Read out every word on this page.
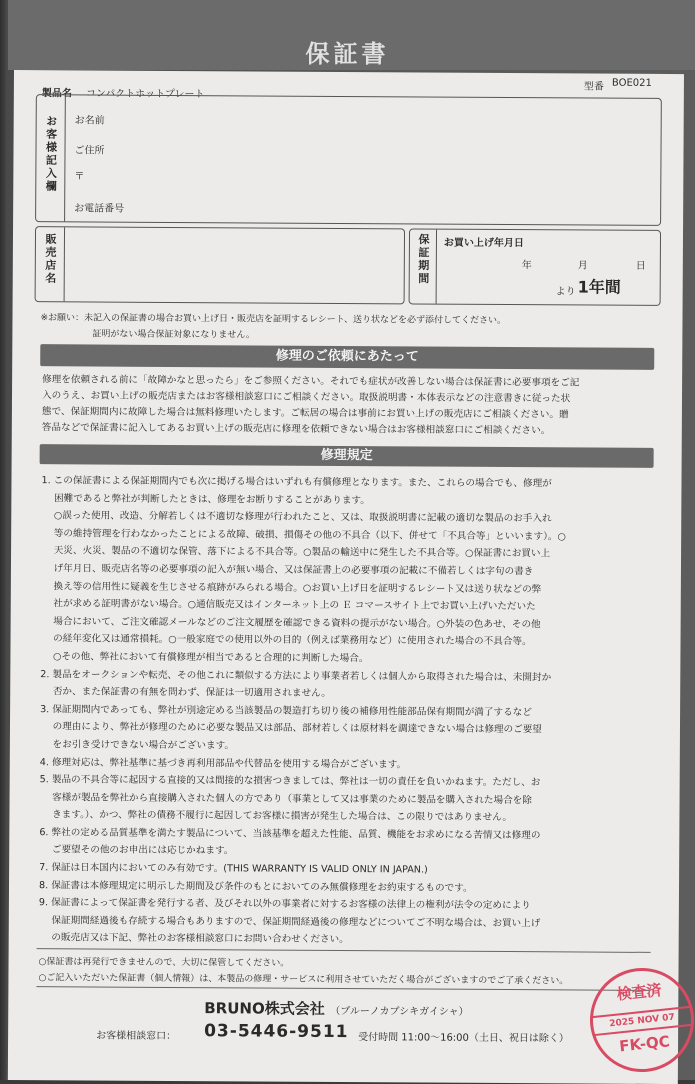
保証書
製品名 コンパクトホットプレート
型番 BOE021
お客様記入欄 お名前
ご住所
〒
お電話番号
販売店名	保証期間 お買い上げ年月日
年	月	日
より 1年間
※お願い：未記入の保証書の場合お買い上げ日・販売店を証明するレシート、送り状などを必ず添付してください。
証明がない場合保証対象になりません。
修理のご依頼にあたって
修理を依頼される前に「故障かなと思ったら」をご参照ください。それでも症状が改善しない場合は保証書に必要事項をご記
入のうえ、お買い上げの販売店またはお客様相談窓口にご相談ください。取扱説明書・本体表示などの注意書きに従った状
態で、保証期間内に故障した場合は無料修理いたします。ご転居の場合は事前にお買い上げの販売店にご相談ください。贈
答品などで保証書に記入してあるお買い上げの販売店に修理を依頼できない場合はお客様相談窓口にご相談ください。
修理規定
1. この保証書による保証期間内でも次に掲げる場合はいずれも有償修理となります。また、これらの場合でも、修理が
　 困難であると弊社が判断したときは、修理をお断りすることがあります。
　 ○誤った使用、改造、分解若しくは不適切な修理が行われたこと、又は、取扱説明書に記載の適切な製品のお手入れ
　 等の維持管理を行わなかったことによる故障、破損、損傷その他の不具合（以下、併せて「不具合等」といいます）。○
　 天災、火災、製品の不適切な保管、落下による不具合等。○製品の輸送中に発生した不具合等。○保証書にお買い上
　 げ年月日、販売店名等の必要事項の記入が無い場合、又は保証書上の必要事項の記載に不備若しくは字句の書き
　 換え等の信用性に疑義を生じさせる痕跡がみられる場合。○お買い上げ日を証明するレシート又は送り状などの弊
　 社が求める証明書がない場合。○通信販売又はインターネット上の Ｅ コマースサイト上でお買い上げいただいた
　 場合において、ご注文確認メールなどのご注文履歴を確認できる資料の提示がない場合。○外装の色あせ、その他
　 の経年変化又は通常損耗。○一般家庭での使用以外の目的（例えば業務用など）に使用された場合の不具合等。
　 ○その他、弊社において有償修理が相当であると合理的に判断した場合。
2. 製品をオークションや転売、その他これに類似する方法により事業者若しくは個人から取得された場合は、未開封か
　 否か、また保証書の有無を問わず、保証は一切適用されません。
3. 保証期間内であっても、弊社が別途定める当該製品の製造打ち切り後の補修用性能部品保有期間が満了するなど
　 の理由により、弊社が修理のために必要な製品又は部品、部材若しくは原材料を調達できない場合は修理のご要望
　 をお引き受けできない場合がございます。
4. 修理対応は、弊社基準に基づき再利用部品や代替品を使用する場合がございます。
5. 製品の不具合等に起因する直接的又は間接的な損害つきましては、弊社は一切の責任を負いかねます。ただし、お
　 客様が製品を弊社から直接購入された個人の方であり（事業として又は事業のために製品を購入された場合を除
　 きます。）、かつ、弊社の債務不履行に起因してお客様に損害が発生した場合は、この限りではありません。
6. 弊社の定める品質基準を満たす製品について、当該基準を超えた性能、品質、機能をお求めになる苦情又は修理の
　 ご要望その他のお申出には応じかねます。
7. 保証は日本国内においてのみ有効です。(THIS WARRANTY IS VALID ONLY IN JAPAN.)
8. 保証書は本修理規定に明示した期間及び条件のもとにおいてのみ無償修理をお約束するものです。
9. 保証書によって保証書を発行する者、及びそれ以外の事業者に対するお客様の法律上の権利が法令の定めにより
　 保証期間経過後も存続する場合もありますので、保証期間経過後の修理などについてご不明な場合は、お買い上げ
　 の販売店又は下記、弊社のお客様相談窓口にお問い合わせください。
○保証書は再発行できませんので、大切に保管してください。
○ご記入いただいた保証書（個人情報）は、本製品の修理・サービスに利用させていただく場合がございますのでご了承ください。
BRUNO株式会社 （ブルーノカブシキガイシャ）
お客様相談窓口： 03-5446-9511 受付時間 11:00～16:00（土日、祝日は除く）
検査済
2025 NOV 07
FK-QC
